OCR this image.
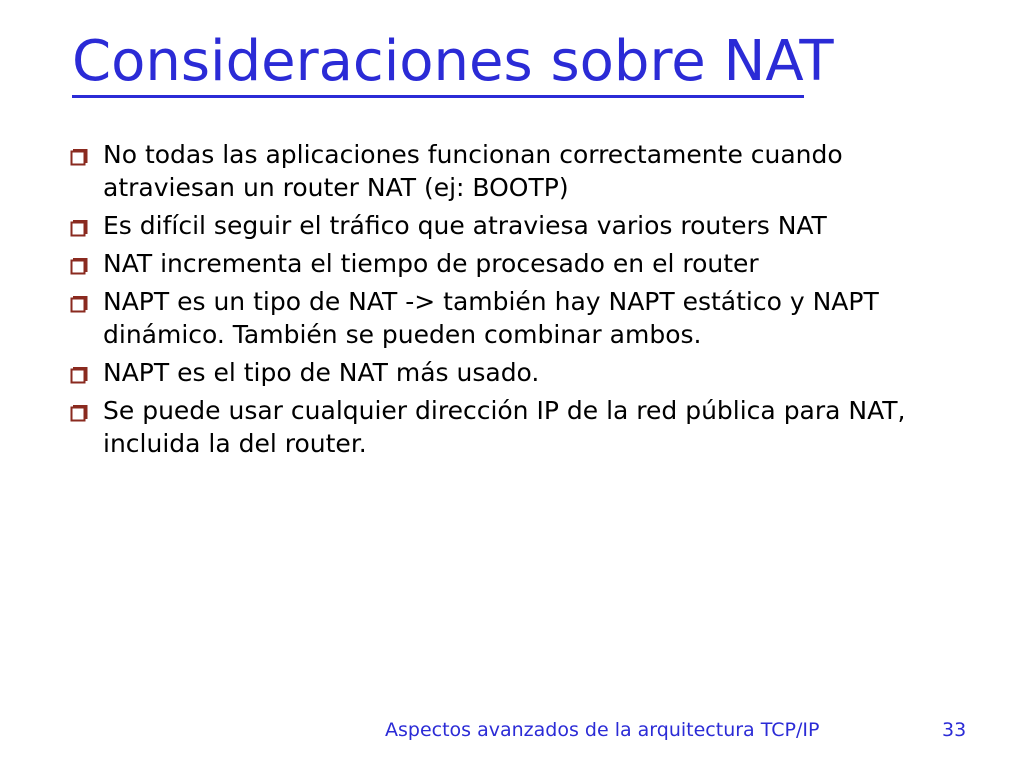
Consideraciones sobre NAT
No todas las aplicaciones funcionan correctamente cuando atraviesan un router NAT (ej: BOOTP)
Es difícil seguir el tráfico que atraviesa varios routers NAT
NAT incrementa el tiempo de procesado en el router
NAPT es un tipo de NAT -> también hay NAPT estático y NAPT dinámico. También se pueden combinar ambos.
NAPT es el tipo de NAT más usado.
Se puede usar cualquier dirección IP de la red pública para NAT, incluida la del router.
Aspectos avanzados de la arquitectura TCP/IP	33
